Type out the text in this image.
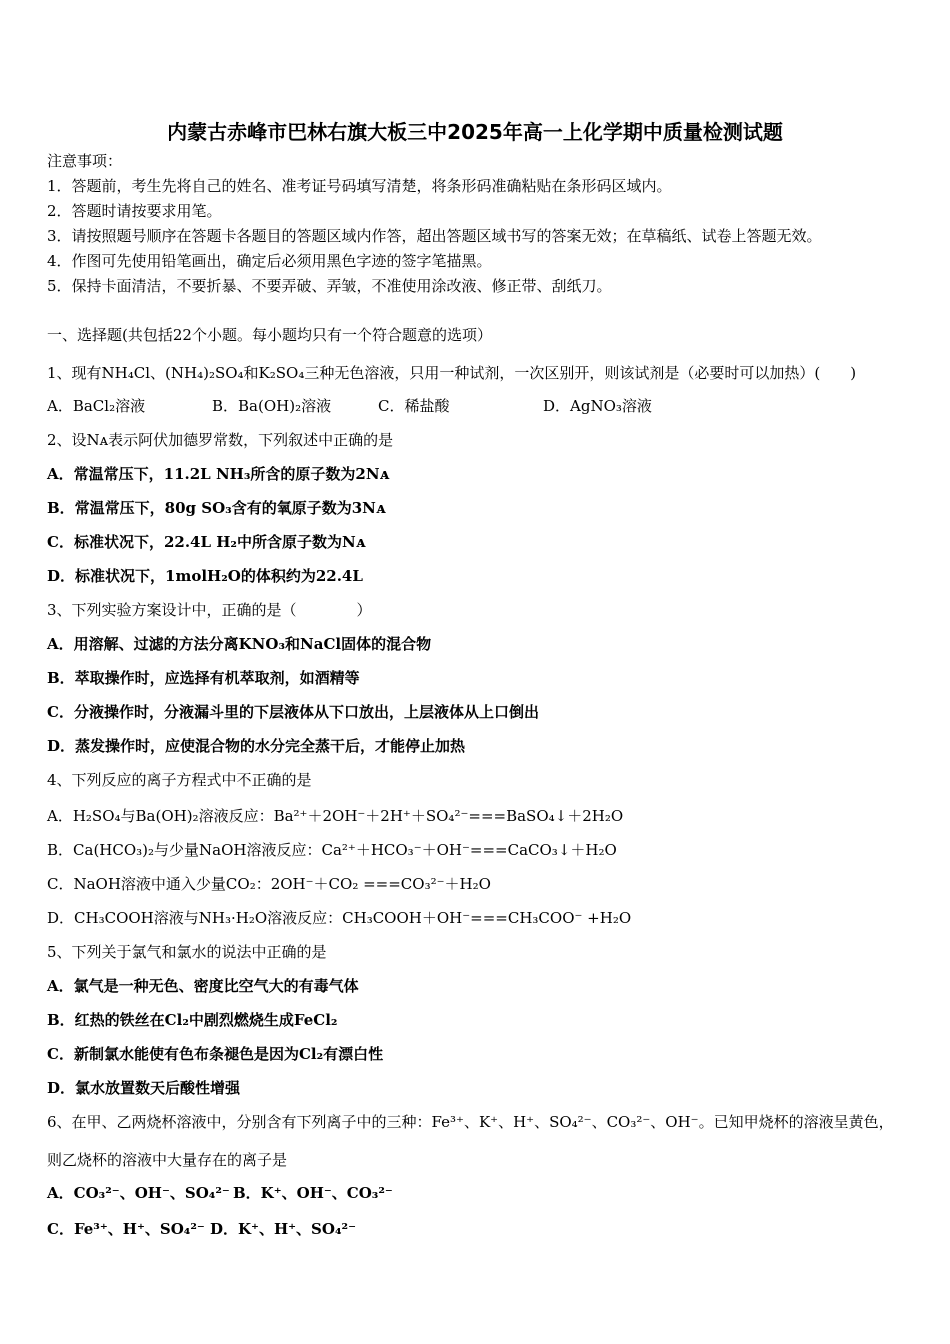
内蒙古赤峰市巴林右旗大板三中2025年高一上化学期中质量检测试题
注意事项：
1．答题前，考生先将自己的姓名、准考证号码填写清楚，将条形码准确粘贴在条形码区域内。
2．答题时请按要求用笔。
3．请按照题号顺序在答题卡各题目的答题区域内作答，超出答题区域书写的答案无效；在草稿纸、试卷上答题无效。
4．作图可先使用铅笔画出，确定后必须用黑色字迹的签字笔描黑。
5．保持卡面清洁，不要折暴、不要弄破、弄皱，不准使用涂改液、修正带、刮纸刀。
一、选择题(共包括22个小题。每小题均只有一个符合题意的选项）
1、现有NH₄Cl、(NH₄)₂SO₄和K₂SO₄三种无色溶液，只用一种试剂，一次区别开，则该试剂是（必要时可以加热）(　　)
A．BaCl₂溶液	B．Ba(OH)₂溶液	C．稀盐酸	D．AgNO₃溶液
2、设Nᴀ表示阿伏加德罗常数，下列叙述中正确的是
A．常温常压下，11.2L NH₃所含的原子数为2Nᴀ
B．常温常压下，80g SO₃含有的氧原子数为3Nᴀ
C．标准状况下，22.4L H₂中所含原子数为Nᴀ
D．标准状况下，1molH₂O的体积约为22.4L
3、下列实验方案设计中，正确的是（　　　　）
A．用溶解、过滤的方法分离KNO₃和NaCl固体的混合物
B．萃取操作时，应选择有机萃取剂，如酒精等
C．分液操作时，分液漏斗里的下层液体从下口放出，上层液体从上口倒出
D．蒸发操作时，应使混合物的水分完全蒸干后，才能停止加热
4、下列反应的离子方程式中不正确的是
A．H₂SO₄与Ba(OH)₂溶液反应：Ba²⁺＋2OH⁻＋2H⁺＋SO₄²⁻===BaSO₄↓＋2H₂O
B．Ca(HCO₃)₂与少量NaOH溶液反应：Ca²⁺＋HCO₃⁻＋OH⁻===CaCO₃↓＋H₂O
C．NaOH溶液中通入少量CO₂：2OH⁻＋CO₂ ===CO₃²⁻＋H₂O
D．CH₃COOH溶液与NH₃·H₂O溶液反应：CH₃COOH＋OH⁻===CH₃COO⁻ +H₂O
5、下列关于氯气和氯水的说法中正确的是
A．氯气是一种无色、密度比空气大的有毒气体
B．红热的铁丝在Cl₂中剧烈燃烧生成FeCl₂
C．新制氯水能使有色布条褪色是因为Cl₂有漂白性
D．氯水放置数天后酸性增强
6、在甲、乙两烧杯溶液中，分别含有下列离子中的三种：Fe³⁺、K⁺、H⁺、SO₄²⁻、CO₃²⁻、OH⁻。已知甲烧杯的溶液呈黄色，
则乙烧杯的溶液中大量存在的离子是
A．CO₃²⁻、OH⁻、SO₄²⁻ B．K⁺、OH⁻、CO₃²⁻
C．Fe³⁺、H⁺、SO₄²⁻ D．K⁺、H⁺、SO₄²⁻
